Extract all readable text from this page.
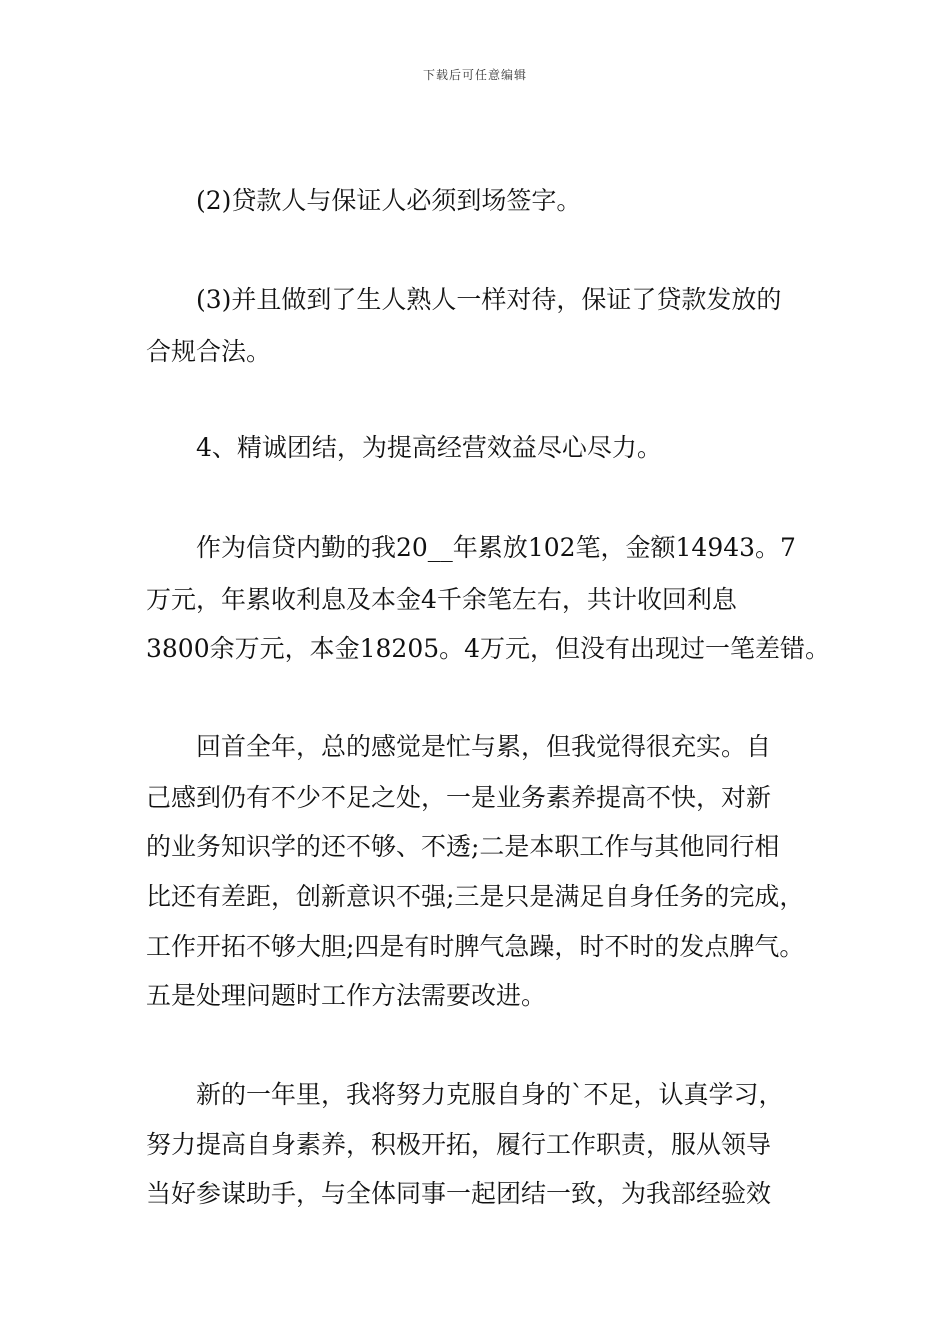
下载后可任意编辑
(2)贷款人与保证人必须到场签字。
(3)并且做到了生人熟人一样对待，保证了贷款发放的
合规合法。
4、精诚团结，为提高经营效益尽心尽力。
作为信贷内勤的我20__年累放102笔，金额14943。7
万元，年累收利息及本金4千余笔左右，共计收回利息
3800余万元，本金18205。4万元，但没有出现过一笔差错。
回首全年，总的感觉是忙与累，但我觉得很充实。自
己感到仍有不少不足之处，一是业务素养提高不快，对新
的业务知识学的还不够、不透;二是本职工作与其他同行相
比还有差距，创新意识不强;三是只是满足自身任务的完成，
工作开拓不够大胆;四是有时脾气急躁，时不时的发点脾气。
五是处理问题时工作方法需要改进。
新的一年里，我将努力克服自身的`不足，认真学习，
努力提高自身素养，积极开拓，履行工作职责，服从领导
当好参谋助手，与全体同事一起团结一致，为我部经验效
